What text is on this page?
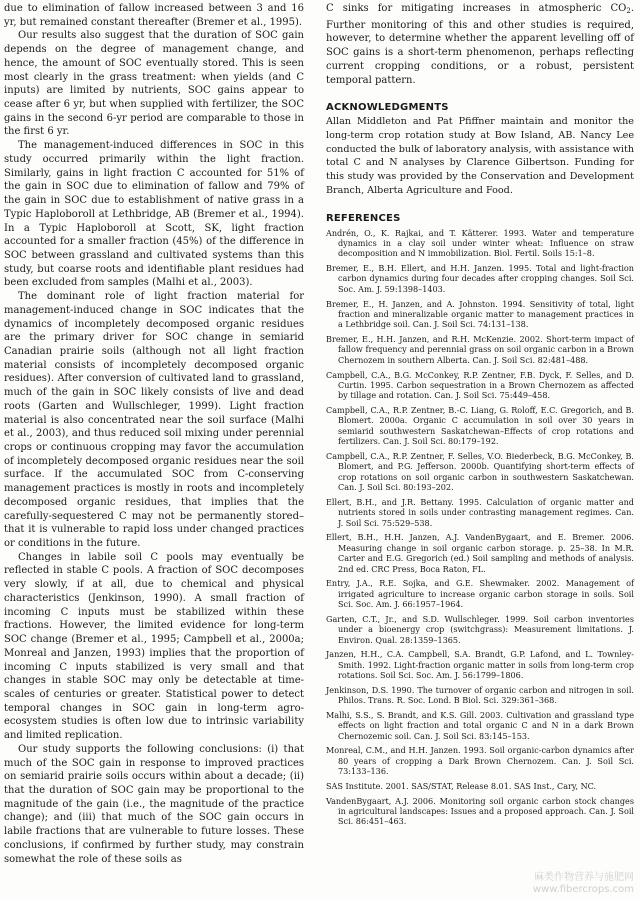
due to elimination of fallow increased between 3 and 16 yr, but remained constant thereafter (Bremer et al., 1995).

Our results also suggest that the duration of SOC gain depends on the degree of management change, and hence, the amount of SOC eventually stored. This is seen most clearly in the grass treatment: when yields (and C inputs) are limited by nutrients, SOC gains appear to cease after 6 yr, but when supplied with fertilizer, the SOC gains in the second 6-yr period are comparable to those in the first 6 yr.

The management-induced differences in SOC in this study occurred primarily within the light fraction. Similarly, gains in light fraction C accounted for 51% of the gain in SOC due to elimination of fallow and 79% of the gain in SOC due to establishment of native grass in a Typic Haploboroll at Lethbridge, AB (Bremer et al., 1994). In a Typic Haploboroll at Scott, SK, light fraction accounted for a smaller fraction (45%) of the difference in SOC between grassland and cultivated systems than this study, but coarse roots and identifiable plant residues had been excluded from samples (Malhi et al., 2003).

The dominant role of light fraction material for management-induced change in SOC indicates that the dynamics of incompletely decomposed organic residues are the primary driver for SOC change in semiarid Canadian prairie soils (although not all light fraction material consists of incompletely decomposed organic residues). After conversion of cultivated land to grassland, much of the gain in SOC likely consists of live and dead roots (Garten and Wullschleger, 1999). Light fraction material is also concentrated near the soil surface (Malhi et al., 2003), and thus reduced soil mixing under perennial crops or continuous cropping may favor the accumulation of incompletely decomposed organic residues near the soil surface. If the accumulated SOC from C-conserving management practices is mostly in roots and incompletely decomposed organic residues, that implies that the carefully-sequestered C may not be permanently stored–that it is vulnerable to rapid loss under changed practices or conditions in the future.

Changes in labile soil C pools may eventually be reflected in stable C pools. A fraction of SOC decomposes very slowly, if at all, due to chemical and physical characteristics (Jenkinson, 1990). A small fraction of incoming C inputs must be stabilized within these fractions. However, the limited evidence for long-term SOC change (Bremer et al., 1995; Campbell et al., 2000a; Monreal and Janzen, 1993) implies that the proportion of incoming C inputs stabilized is very small and that changes in stable SOC may only be detectable at time-scales of centuries or greater. Statistical power to detect temporal changes in SOC gain in long-term agro-ecosystem studies is often low due to intrinsic variability and limited replication.

Our study supports the following conclusions: (i) that much of the SOC gain in response to improved practices on semiarid prairie soils occurs within about a decade; (ii) that the duration of SOC gain may be proportional to the magnitude of the gain (i.e., the magnitude of the practice change); and (iii) that much of the SOC gain occurs in labile fractions that are vulnerable to future losses. These conclusions, if confirmed by further study, may constrain somewhat the role of these soils as

C sinks for mitigating increases in atmospheric $CO_2$. Further monitoring of this and other studies is required, however, to determine whether the apparent levelling off of SOC gains is a short-term phenomenon, perhaps reflecting current cropping conditions, or a robust, persistent temporal pattern.

ACKNOWLEDGMENTS

Allan Middleton and Pat Pfiffner maintain and monitor the long-term crop rotation study at Bow Island, AB. Nancy Lee conducted the bulk of laboratory analysis, with assistance with total C and N analyses by Clarence Gilbertson. Funding for this study was provided by the Conservation and Development Branch, Alberta Agriculture and Food.

REFERENCES

Andrén, O., K. Rajkai, and T. Kätterer. 1993. Water and temperature dynamics in a clay soil under winter wheat: Influence on straw decomposition and N immobilization. Biol. Fertil. Soils 15:1–8.

Bremer, E., B.H. Ellert, and H.H. Janzen. 1995. Total and light-fraction carbon dynamics during four decades after cropping changes. Soil Sci. Soc. Am. J. 59:1398–1403.

Bremer, E., H. Janzen, and A. Johnston. 1994. Sensitivity of total, light fraction and mineralizable organic matter to management practices in a Lethbridge soil. Can. J. Soil Sci. 74:131–138.

Bremer, E., H.H. Janzen, and R.H. McKenzie. 2002. Short-term impact of fallow frequency and perennial grass on soil organic carbon in a Brown Chernozem in southern Alberta. Can. J. Soil Sci. 82:481–488.

Campbell, C.A., B.G. McConkey, R.P. Zentner, F.B. Dyck, F. Selles, and D. Curtin. 1995. Carbon sequestration in a Brown Chernozem as affected by tillage and rotation. Can. J. Soil Sci. 75:449–458.

Campbell, C.A., R.P. Zentner, B.-C. Liang, G. Roloff, E.C. Gregorich, and B. Blomert. 2000a. Organic C accumulation in soil over 30 years in semiarid southwestern Saskatchewan–Effects of crop rotations and fertilizers. Can. J. Soil Sci. 80:179–192.

Campbell, C.A., R.P. Zentner, F. Selles, V.O. Biederbeck, B.G. McConkey, B. Blomert, and P.G. Jefferson. 2000b. Quantifying short-term effects of crop rotations on soil organic carbon in southwestern Saskatchewan. Can. J. Soil Sci. 80:193–202.

Ellert, B.H., and J.R. Bettany. 1995. Calculation of organic matter and nutrients stored in soils under contrasting management regimes. Can. J. Soil Sci. 75:529–538.

Ellert, B.H., H.H. Janzen, A.J. VandenBygaart, and E. Bremer. 2006. Measuring change in soil organic carbon storage. p. 25–38. In M.R. Carter and E.G. Gregorich (ed.) Soil sampling and methods of analysis. 2nd ed. CRC Press, Boca Raton, FL.

Entry, J.A., R.E. Sojka, and G.E. Shewmaker. 2002. Management of irrigated agriculture to increase organic carbon storage in soils. Soil Sci. Soc. Am. J. 66:1957–1964.

Garten, C.T., Jr., and S.D. Wullschleger. 1999. Soil carbon inventories under a bioenergy crop (switchgrass): Measurement limitations. J. Environ. Qual. 28:1359–1365.

Janzen, H.H., C.A. Campbell, S.A. Brandt, G.P. Lafond, and L. Townley-Smith. 1992. Light-fraction organic matter in soils from long-term crop rotations. Soil Sci. Soc. Am. J. 56:1799–1806.

Jenkinson, D.S. 1990. The turnover of organic carbon and nitrogen in soil. Philos. Trans. R. Soc. Lond. B Biol. Sci. 329:361–368.

Malhi, S.S., S. Brandt, and K.S. Gill. 2003. Cultivation and grassland type effects on light fraction and total organic C and N in a dark Brown Chernozemic soil. Can. J. Soil Sci. 83:145–153.

Monreal, C.M., and H.H. Janzen. 1993. Soil organic-carbon dynamics after 80 years of cropping a Dark Brown Chernozem. Can. J. Soil Sci. 73:133–136.

SAS Institute. 2001. SAS/STAT, Release 8.01. SAS Inst., Cary, NC.

VandenBygaart, A.J. 2006. Monitoring soil organic carbon stock changes in agricultural landscapes: Issues and a proposed approach. Can. J. Soil Sci. 86:451–463.

麻类作物营养与施肥网
www.fibercrops.com
